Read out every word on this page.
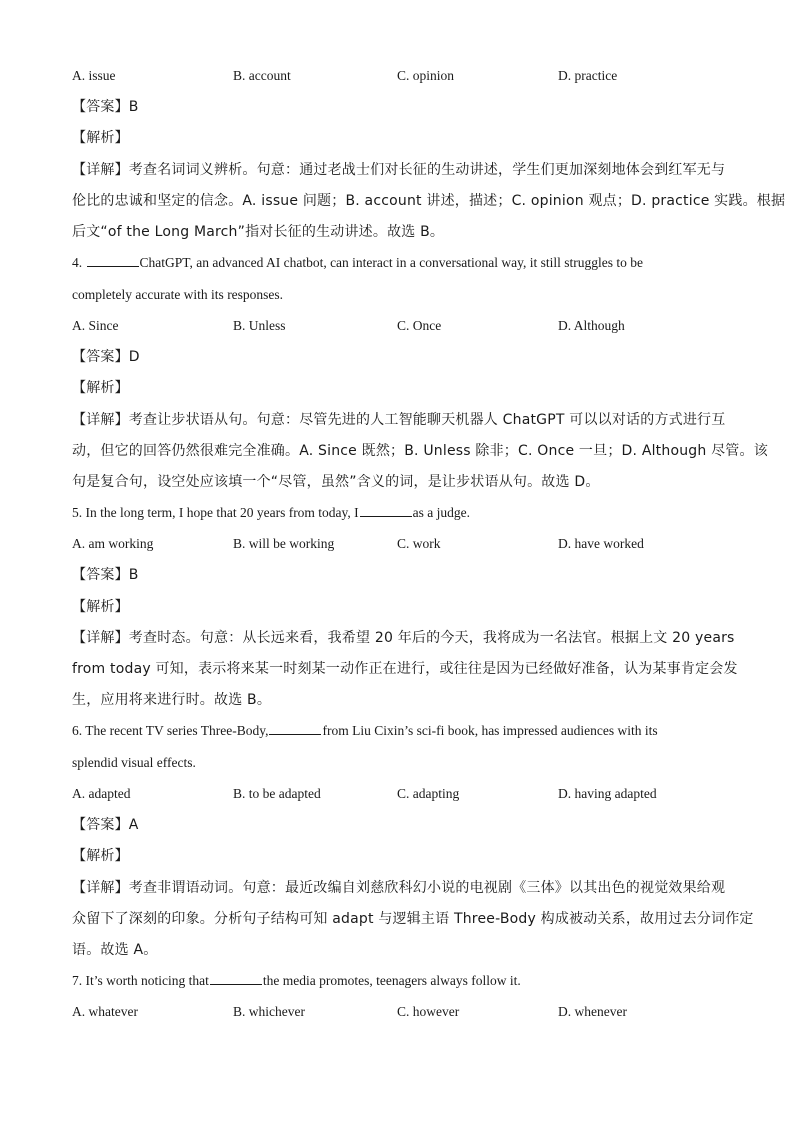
A. issue	B. account	C. opinion	D. practice
【答案】B
【解析】
【详解】考查名词词义辨析。句意：通过老战士们对长征的生动讲述，学生们更加深刻地体会到红军无与
伦比的忠诚和坚定的信念。A. issue 问题；B. account 讲述，描述；C. opinion 观点；D. practice 实践。根据
后文“of the Long March”指对长征的生动讲述。故选 B。
4.	ChatGPT, an advanced AI chatbot, can interact in a conversational way, it still struggles to be
completely accurate with its responses.
A. Since	B. Unless	C. Once	D. Although
【答案】D
【解析】
【详解】考查让步状语从句。句意：尽管先进的人工智能聊天机器人 ChatGPT 可以以对话的方式进行互
动，但它的回答仍然很难完全准确。A. Since 既然；B. Unless 除非；C. Once 一旦；D. Although 尽管。该
句是复合句，设空处应该填一个“尽管，虽然”含义的词，是让步状语从句。故选 D。
5. In the long term, I hope that 20 years from today, I	as a judge.
A. am working	B. will be working	C. work	D. have worked
【答案】B
【解析】
【详解】考查时态。句意：从长远来看，我希望 20 年后的今天，我将成为一名法官。根据上文 20 years
from today 可知，表示将来某一时刻某一动作正在进行，或往往是因为已经做好准备，认为某事肯定会发
生，应用将来进行时。故选 B。
6. The recent TV series Three-Body,	from Liu Cixin’s sci-fi book, has impressed audiences with its
splendid visual effects.
A. adapted	B. to be adapted	C. adapting	D. having adapted
【答案】A
【解析】
【详解】考查非谓语动词。句意：最近改编自刘慈欣科幻小说的电视剧《三体》以其出色的视觉效果给观
众留下了深刻的印象。分析句子结构可知 adapt 与逻辑主语 Three-Body 构成被动关系，故用过去分词作定
语。故选 A。
7. It’s worth noticing that	the media promotes, teenagers always follow it.
A. whatever	B. whichever	C. however	D. whenever
